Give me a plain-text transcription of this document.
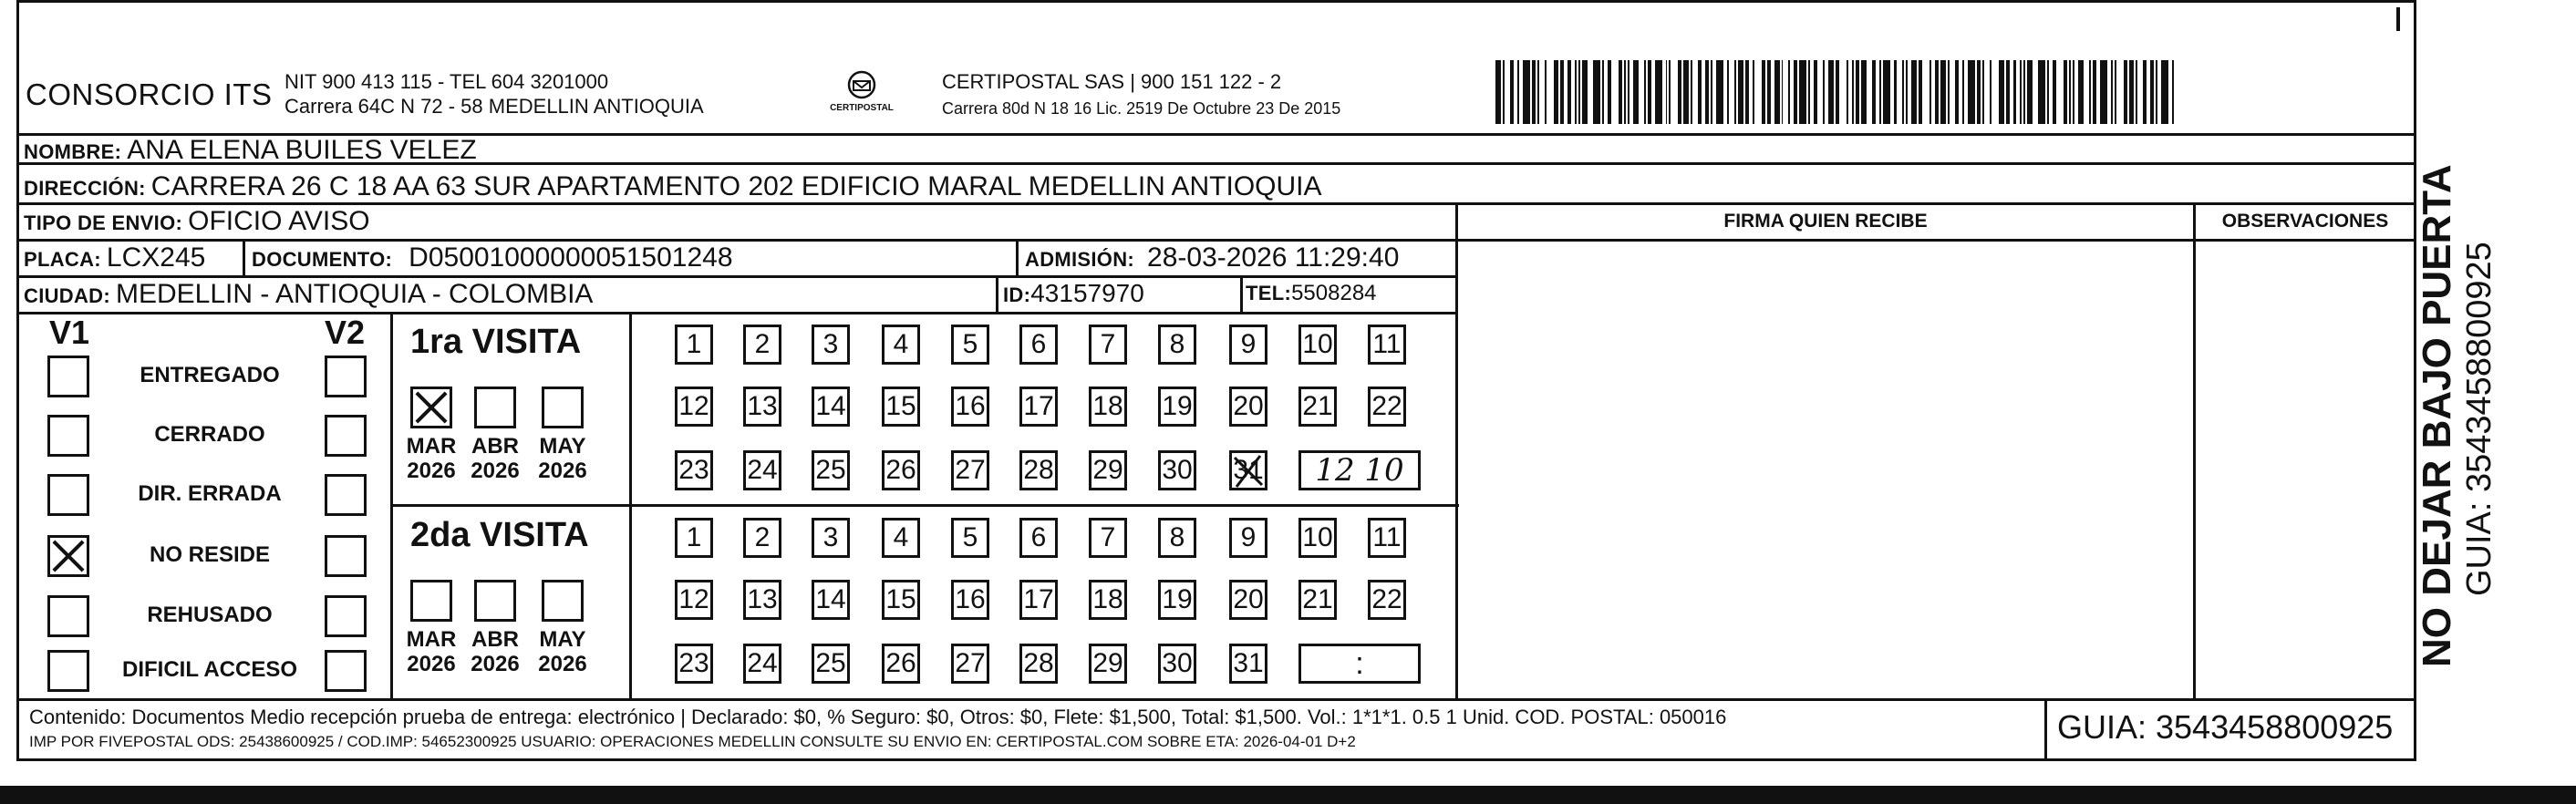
CONSORCIO ITS NIT 900 413 115 - TEL 604 3201000
Carrera 64C N 72 - 58 MEDELLIN ANTIOQUIA	CERTIPOSTAL
CERTIPOSTAL SAS | 900 151 122 - 2
Carrera 80d N 18 16 Lic. 2519 De Octubre 23 De 2015
NOMBRE: ANA ELENA BUILES VELEZ
DIRECCIÓN: CARRERA 26 C 18 AA 63 SUR APARTAMENTO 202 EDIFICIO MARAL MEDELLIN ANTIOQUIA
TIPO DE ENVIO: OFICIO AVISO
PLACA: LCX245 DOCUMENTO: D05001000000051501248	ADMISIÓN: 28-03-2026 11:29:40
CIUDAD: MEDELLIN - ANTIOQUIA - COLOMBIA	ID: 43157970	TEL: 5508284
FIRMA QUIEN RECIBE	OBSERVACIONES
V1	V2
ENTREGADO
CERRADO
DIR. ERRADA
NO RESIDE
REHUSADO
DIFICIL ACCESO
1ra VISITA
MAR
2026
ABR
2026
MAY
2026
1	2	3	4	5	6	7	8	9	10 11
12 13 14 15 16 17 18 19 20 21 22
23 24 25 26 27 28 29 30 31	12 10
2da VISITA
MAR
2026
ABR
2026
MAY
2026
1	2	3	4	5	6	7	8	9	10 11
12 13 14 15 16 17 18 19 20 21 22
23 24 25 26 27 28 29 30 31	:
Contenido: Documentos Medio recepción prueba de entrega: electrónico | Declarado: $0, % Seguro: $0, Otros: $0, Flete: $1,500, Total: $1,500. Vol.: 1*1*1. 0.5 1 Unid. COD. POSTAL: 050016
IMP POR FIVEPOSTAL ODS: 25438600925 / COD.IMP: 54652300925 USUARIO: OPERACIONES MEDELLIN CONSULTE SU ENVIO EN: CERTIPOSTAL.COM SOBRE ETA: 2026-04-01 D+2	GUIA: 3543458800925
NO DEJAR BAJO PUERTA GUIA: 3543458800925
